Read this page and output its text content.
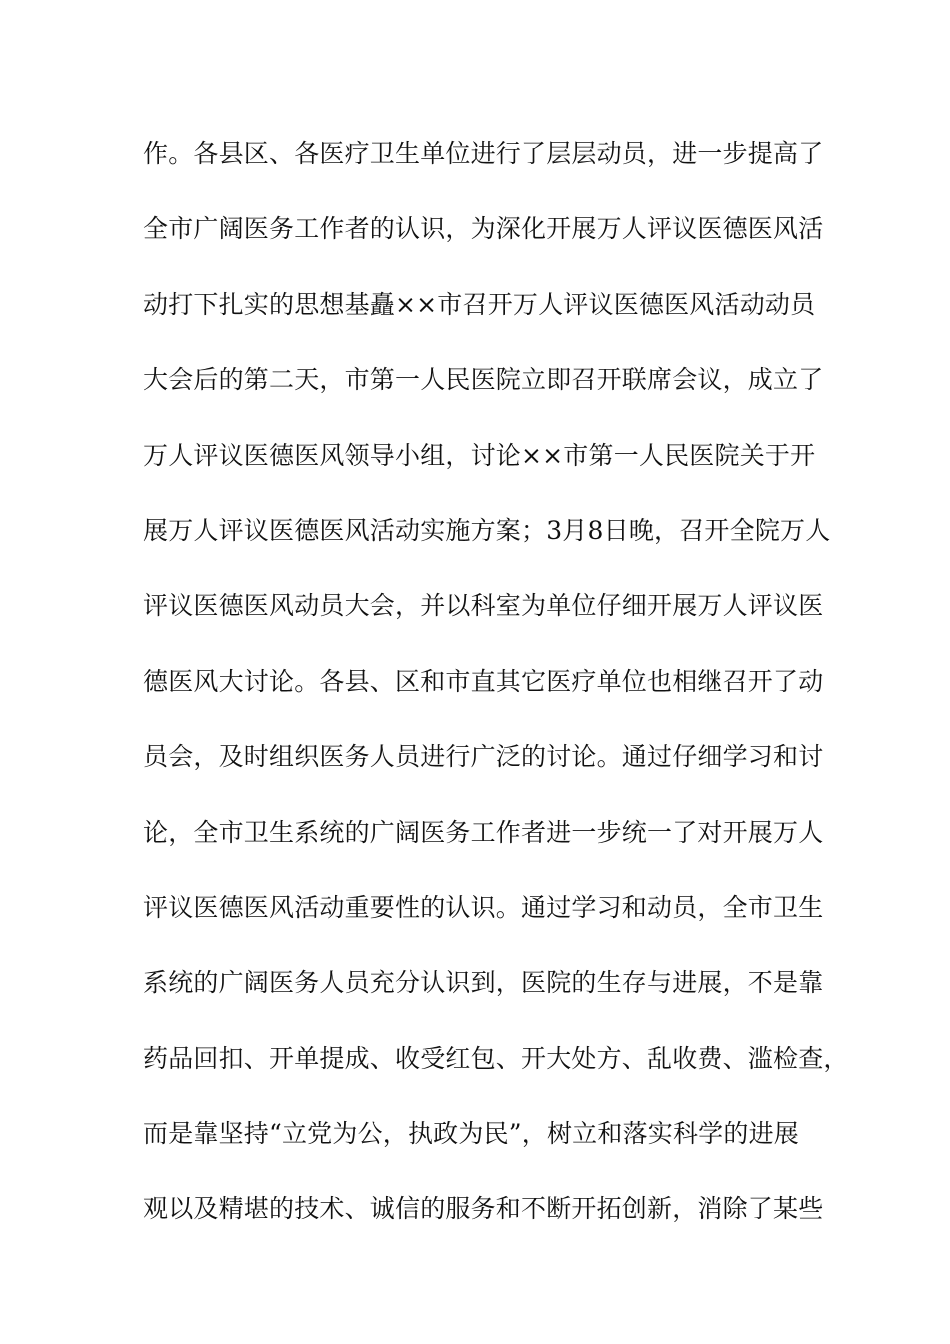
作。各县区、各医疗卫生单位进行了层层动员，进一步提高了
全市广阔医务工作者的认识，为深化开展万人评议医德医风活
动打下扎实的思想基矗××市召开万人评议医德医风活动动员
大会后的第二天，市第一人民医院立即召开联席会议，成立了
万人评议医德医风领导小组，讨论××市第一人民医院关于开
展万人评议医德医风活动实施方案；3月8日晚，召开全院万人
评议医德医风动员大会，并以科室为单位仔细开展万人评议医
德医风大讨论。各县、区和市直其它医疗单位也相继召开了动
员会，及时组织医务人员进行广泛的讨论。通过仔细学习和讨
论，全市卫生系统的广阔医务工作者进一步统一了对开展万人
评议医德医风活动重要性的认识。通过学习和动员，全市卫生
系统的广阔医务人员充分认识到，医院的生存与进展，不是靠
药品回扣、开单提成、收受红包、开大处方、乱收费、滥检查，
而是靠坚持“立党为公，执政为民”，树立和落实科学的进展
观以及精堪的技术、诚信的服务和不断开拓创新，消除了某些
